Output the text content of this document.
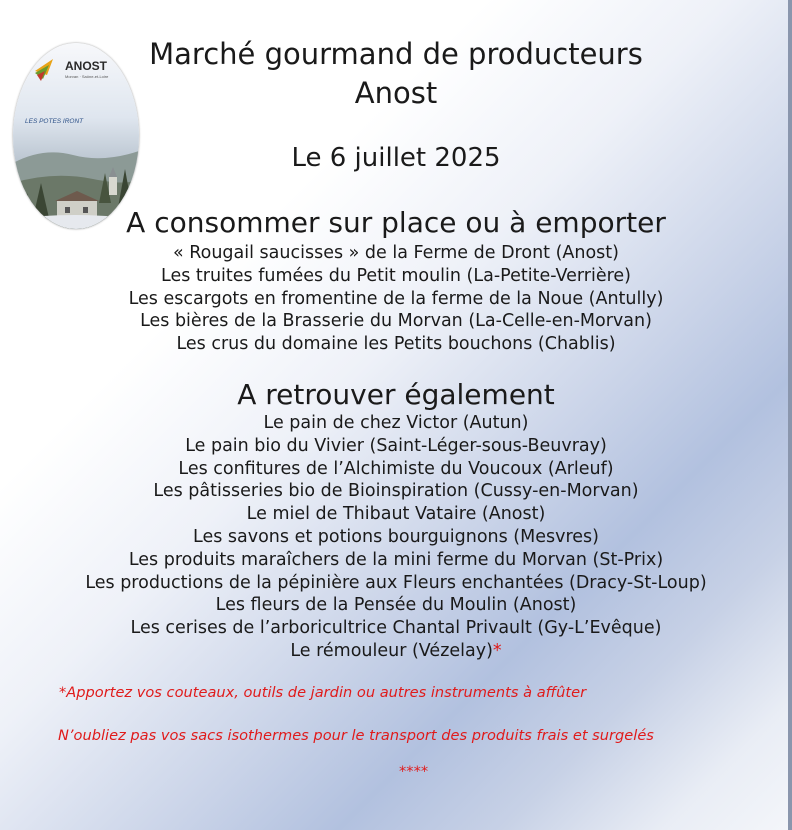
ANOST
Morvan · Saône-et-Loire
LES POTES IRONT
Marché gourmand de producteurs
Anost
Le 6 juillet 2025
A consommer sur place ou à emporter
« Rougail saucisses » de la Ferme de Dront (Anost)
Les truites fumées du Petit moulin (La-Petite-Verrière)
Les escargots en fromentine de la ferme de la Noue (Antully)
Les bières de la Brasserie du Morvan (La-Celle-en-Morvan)
Les crus du domaine les Petits bouchons (Chablis)
A retrouver également
Le pain de chez Victor (Autun)
Le pain bio du Vivier (Saint-Léger-sous-Beuvray)
Les confitures de l’Alchimiste du Voucoux (Arleuf)
Les pâtisseries bio de Bioinspiration (Cussy-en-Morvan)
Le miel de Thibaut Vataire (Anost)
Les savons et potions bourguignons (Mesvres)
Les produits maraîchers de la mini ferme du Morvan (St-Prix)
Les productions de la pépinière aux Fleurs enchantées (Dracy-St-Loup)
Les fleurs de la Pensée du Moulin (Anost)
Les cerises de l’arboricultrice Chantal Privault (Gy-L’Evêque)
Le rémouleur (Vézelay)*
*Apportez vos couteaux, outils de jardin ou autres instruments à affûter
N’oubliez pas vos sacs isothermes pour le transport des produits frais et surgelés
****
